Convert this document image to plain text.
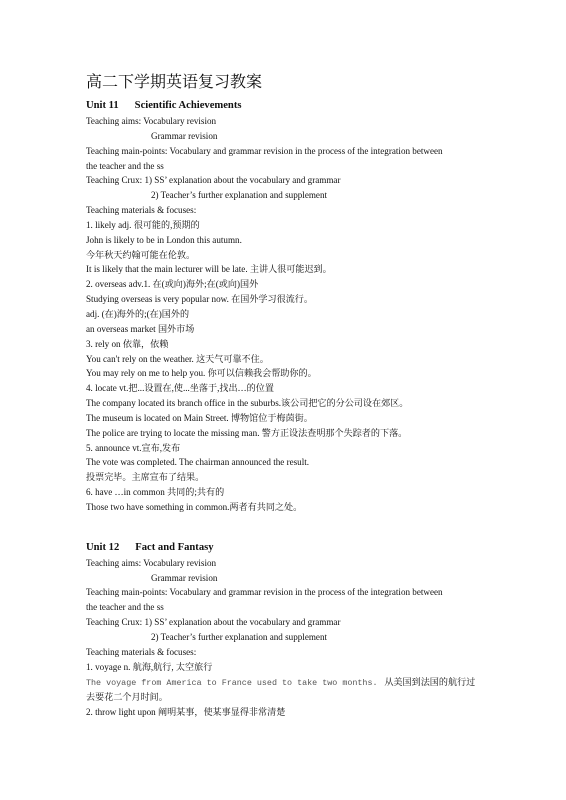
高二下学期英语复习教案
Unit 11 Scientific Achievements
Teaching aims: Vocabulary revision
Grammar revision
Teaching main-points: Vocabulary and grammar revision in the process of the integration between
the teacher and the ss
Teaching Crux: 1) SS’ explanation about the vocabulary and grammar
2) Teacher’s further explanation and supplement
Teaching materials & focuses:
1. likely adj. 很可能的,预期的
John is likely to be in London this autumn.
今年秋天约翰可能在伦敦。
It is likely that the main lecturer will be late. 主讲人很可能迟到。
2. overseas adv.1. 在(或向)海外;在(或向)国外
Studying overseas is very popular now. 在国外学习很流行。
adj. (在)海外的;(在)国外的
an overseas market 国外市场
3. rely on 依靠，依赖
You can't rely on the weather. 这天气可靠不住。
You may rely on me to help you. 你可以信赖我会帮助你的。
4. locate vt.把...设置在,使...坐落于,找出…的位置
The company located its branch office in the suburbs.该公司把它的分公司设在郊区。
The museum is located on Main Street. 博物馆位于梅茵街。
The police are trying to locate the missing man. 警方正设法查明那个失踪者的下落。
5. announce vt.宣布,发布
The vote was completed. The chairman announced the result.
投票完毕。主席宣布了结果。
6. have …in common 共同的;共有的
Those two have something in common.两者有共同之处。
Unit 12 Fact and Fantasy
Teaching aims: Vocabulary revision
Grammar revision
Teaching main-points: Vocabulary and grammar revision in the process of the integration between
the teacher and the ss
Teaching Crux: 1) SS’ explanation about the vocabulary and grammar
2) Teacher’s further explanation and supplement
Teaching materials & focuses:
1. voyage n. 航海,航行, 太空旅行
The voyage from America to France used to take two months. 从美国到法国的航行过
去要花二个月时间。
2. throw light upon 阐明某事，使某事显得非常清楚
